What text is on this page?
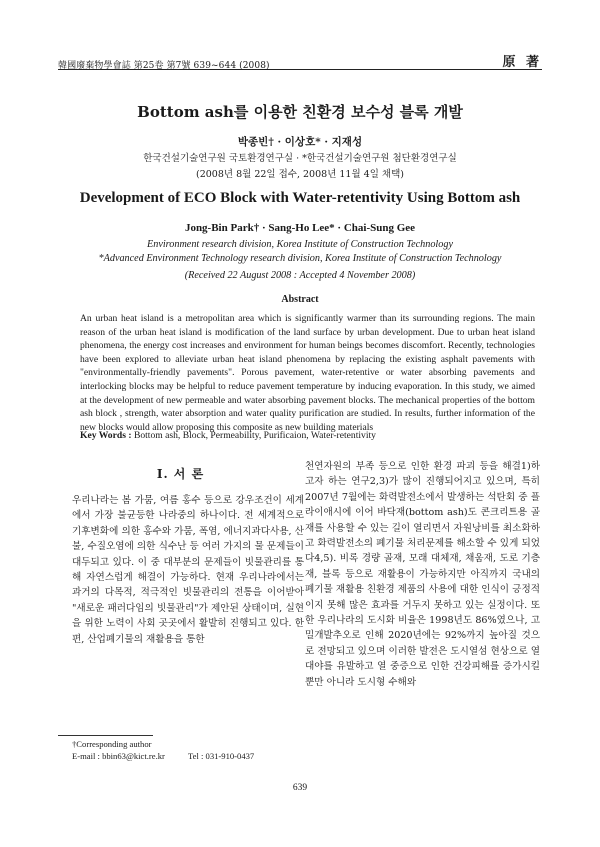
韓國廢棄物學會誌 第25卷 第7號 639~644 (2008)	原 著
Bottom ash를 이용한 친환경 보수성 블록 개발
박종빈† · 이상호* · 지재성
한국건설기술연구원 국토환경연구실 · *한국건설기술연구원 첨단환경연구실
(2008년 8월 22일 접수, 2008년 11월 4일 채택)
Development of ECO Block with Water-retentivity Using Bottom ash
Jong-Bin Park† · Sang-Ho Lee* · Chai-Sung Gee
Environment research division, Korea Institute of Construction Technology
*Advanced Environment Technology research division, Korea Institute of Construction Technology
(Received 22 August 2008 : Accepted 4 November 2008)
Abstract
An urban heat island is a metropolitan area which is significantly warmer than its surrounding regions. The main reason of the urban heat island is modification of the land surface by urban development. Due to urban heat island phenomena, the energy cost increases and environment for human beings becomes discomfort. Recently, technologies have been explored to alleviate urban heat island phenomena by replacing the existing asphalt pavements with "environmentally-friendly pavements". Porous pavement, water-retentive or water absorbing pavements and interlocking blocks may be helpful to reduce pavement temperature by inducing evaporation. In this study, we aimed at the development of new permeable and water absorbing pavement blocks. The mechanical properties of the bottom ash block , strength, water absorption and water quality purification are studied. In results, further information of the new blocks would allow proposing this composite as new building materials
Key Words : Bottom ash, Block, Permeability, Purificaion, Water-retentivity
I. 서 론

우리나라는 봄 가뭄, 여름 홍수 등으로 강우조건이 세계에서 가장 불균등한 나라중의 하나이다. 전 세계적으로 기후변화에 의한 홍수와 가뭄, 폭염, 에너지과다사용, 산불, 수질오염에 의한 식수난 등 여러 가지의 물 문제들이 대두되고 있다. 이 중 대부분의 문제들이 빗물관리를 통해 자연스럽게 해결이 가능하다. 현재 우리나라에서는 과거의 다목적, 적극적인 빗물관리의 전통을 이어받아 "새로운 패러다임의 빗물관리"가 제안된 상태이며, 실현을 위한 노력이 사회 곳곳에서 활발히 진행되고 있다. 한편, 산업폐기물의 재활용을 통한

천연자원의 부족 등으로 인한 환경 파괴 등을 해결1)하고자 하는 연구2,3)가 많이 진행되어지고 있으며, 특히 2007년 7월에는 화력발전소에서 발생하는 석탄회 중 플라이애시에 이어 바닥재(bottom ash)도 콘크리트용 골재를 사용할 수 있는 길이 열리면서 자원낭비를 최소화하고 화력발전소의 폐기물 처리문제를 해소할 수 있게 되었다4,5). 비록 경량 골재, 모래 대체재, 채움재, 도로 기층재, 블록 등으로 재활용이 가능하지만 아직까지 국내의 폐기물 재활용 친환경 제품의 사용에 대한 인식이 긍정적이지 못해 많은 효과를 거두지 못하고 있는 실정이다. 또한 우리나라의 도시화 비율은 1998년도 86%였으나, 고밀개발추오로 인해 2020년에는 92%까지 높아질 것으로 전망되고 있으며 이러한 발전은 도시열섬 현상으로 열대야를 유발하고 열 중증으로 인한 건강피해를 증가시킬 뿐만 아니라 도시형 수해와

†Corresponding author
E-mail : bbin63@kict.re.kr	Tel : 031-910-0437
639
